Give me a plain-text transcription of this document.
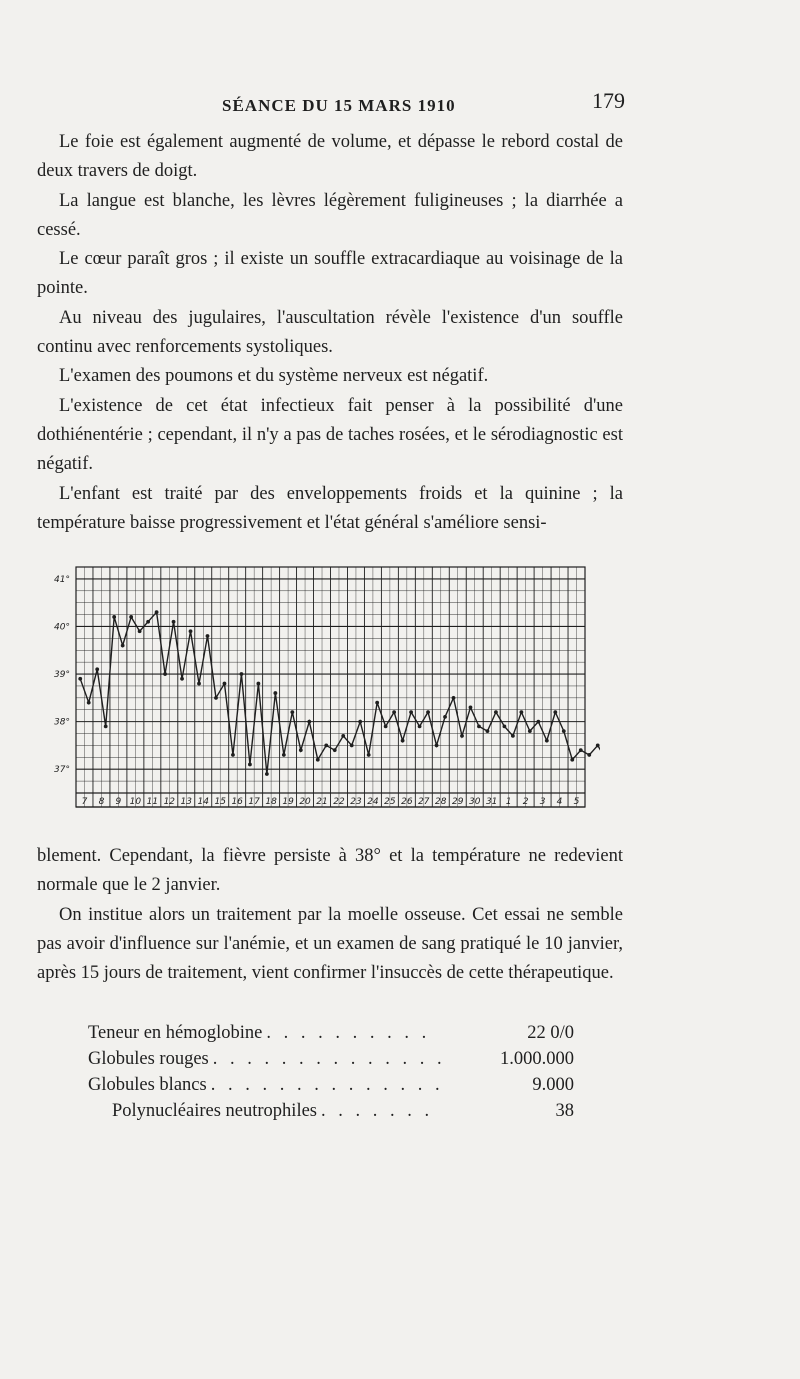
SÉANCE DU 15 MARS 1910	179

Le foie est également augmenté de volume, et dépasse le rebord costal de deux travers de doigt.

La langue est blanche, les lèvres légèrement fuligineuses ; la diarrhée a cessé.

Le cœur paraît gros ; il existe un souffle extracardiaque au voisinage de la pointe.

Au niveau des jugulaires, l'auscultation révèle l'existence d'un souffle continu avec renforcements systoliques.

L'examen des poumons et du système nerveux est négatif.

L'existence de cet état infectieux fait penser à la possibilité d'une dothiénentérie ; cependant, il n'y a pas de taches rosées, et le sérodiagnostic est négatif.

L'enfant est traité par des enveloppements froids et la quinine ; la température baisse progressivement et l'état général s'améliore sensi-

7 8 9 10 11 12 13 14 15 16 17 18 19 20 21 22 23 24 25 26 27 28 29 30 31 1 2 3 4 5
37°
38°
39°
40°
41°

blement. Cependant, la fièvre persiste à 38° et la température ne redevient normale que le 2 janvier.

On institue alors un traitement par la moelle osseuse. Cet essai ne semble pas avoir d'influence sur l'anémie, et un examen de sang pratiqué le 10 janvier, après 15 jours de traitement, vient confirmer l'insuccès de cette thérapeutique.

Teneur en hémoglobine . . . . . . . . . .	22 0/0
Globules rouges . . . . . . . . . . . . . .	1.000.000
Globules blancs . . . . . . . . . . . . . .	9.000
Polynucléaires neutrophiles . . . . . . .	38
